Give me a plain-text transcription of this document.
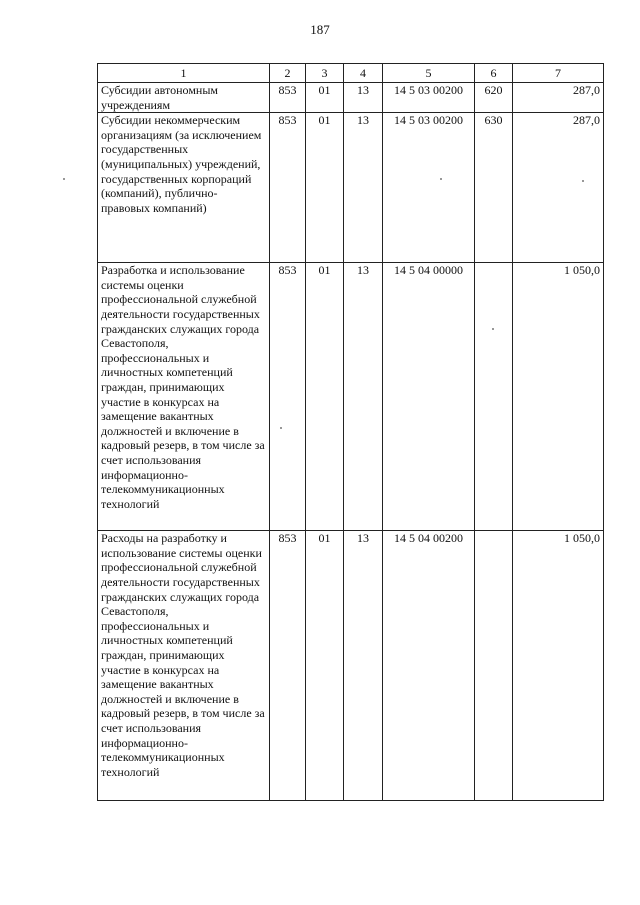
187
1	2	3	4	5	6	7
Субсидии автономным учреждениям	853	01	13	14 5 03 00200	620	287,0
Субсидии некоммерческим организациям (за исключением государственных (муниципальных) учреждений, государственных корпораций (компаний), публично-правовых компаний)	853	01	13	14 5 03 00200	630	287,0
Разработка и использование системы оценки профессиональной служебной деятельности государственных гражданских служащих города Севастополя, профессиональных и личностных компетенций граждан, принимающих участие в конкурсах на замещение вакантных должностей и включение в кадровый резерв, в том числе за счет использования информационно-телекоммуникационных технологий	853	01	13	14 5 04 00000		1 050,0
Расходы на разработку и использование системы оценки профессиональной служебной деятельности государственных гражданских служащих города Севастополя, профессиональных и личностных компетенций граждан, принимающих участие в конкурсах на замещение вакантных должностей и включение в кадровый резерв, в том числе за счет использования информационно-телекоммуникационных технологий	853	01	13	14 5 04 00200		1 050,0
